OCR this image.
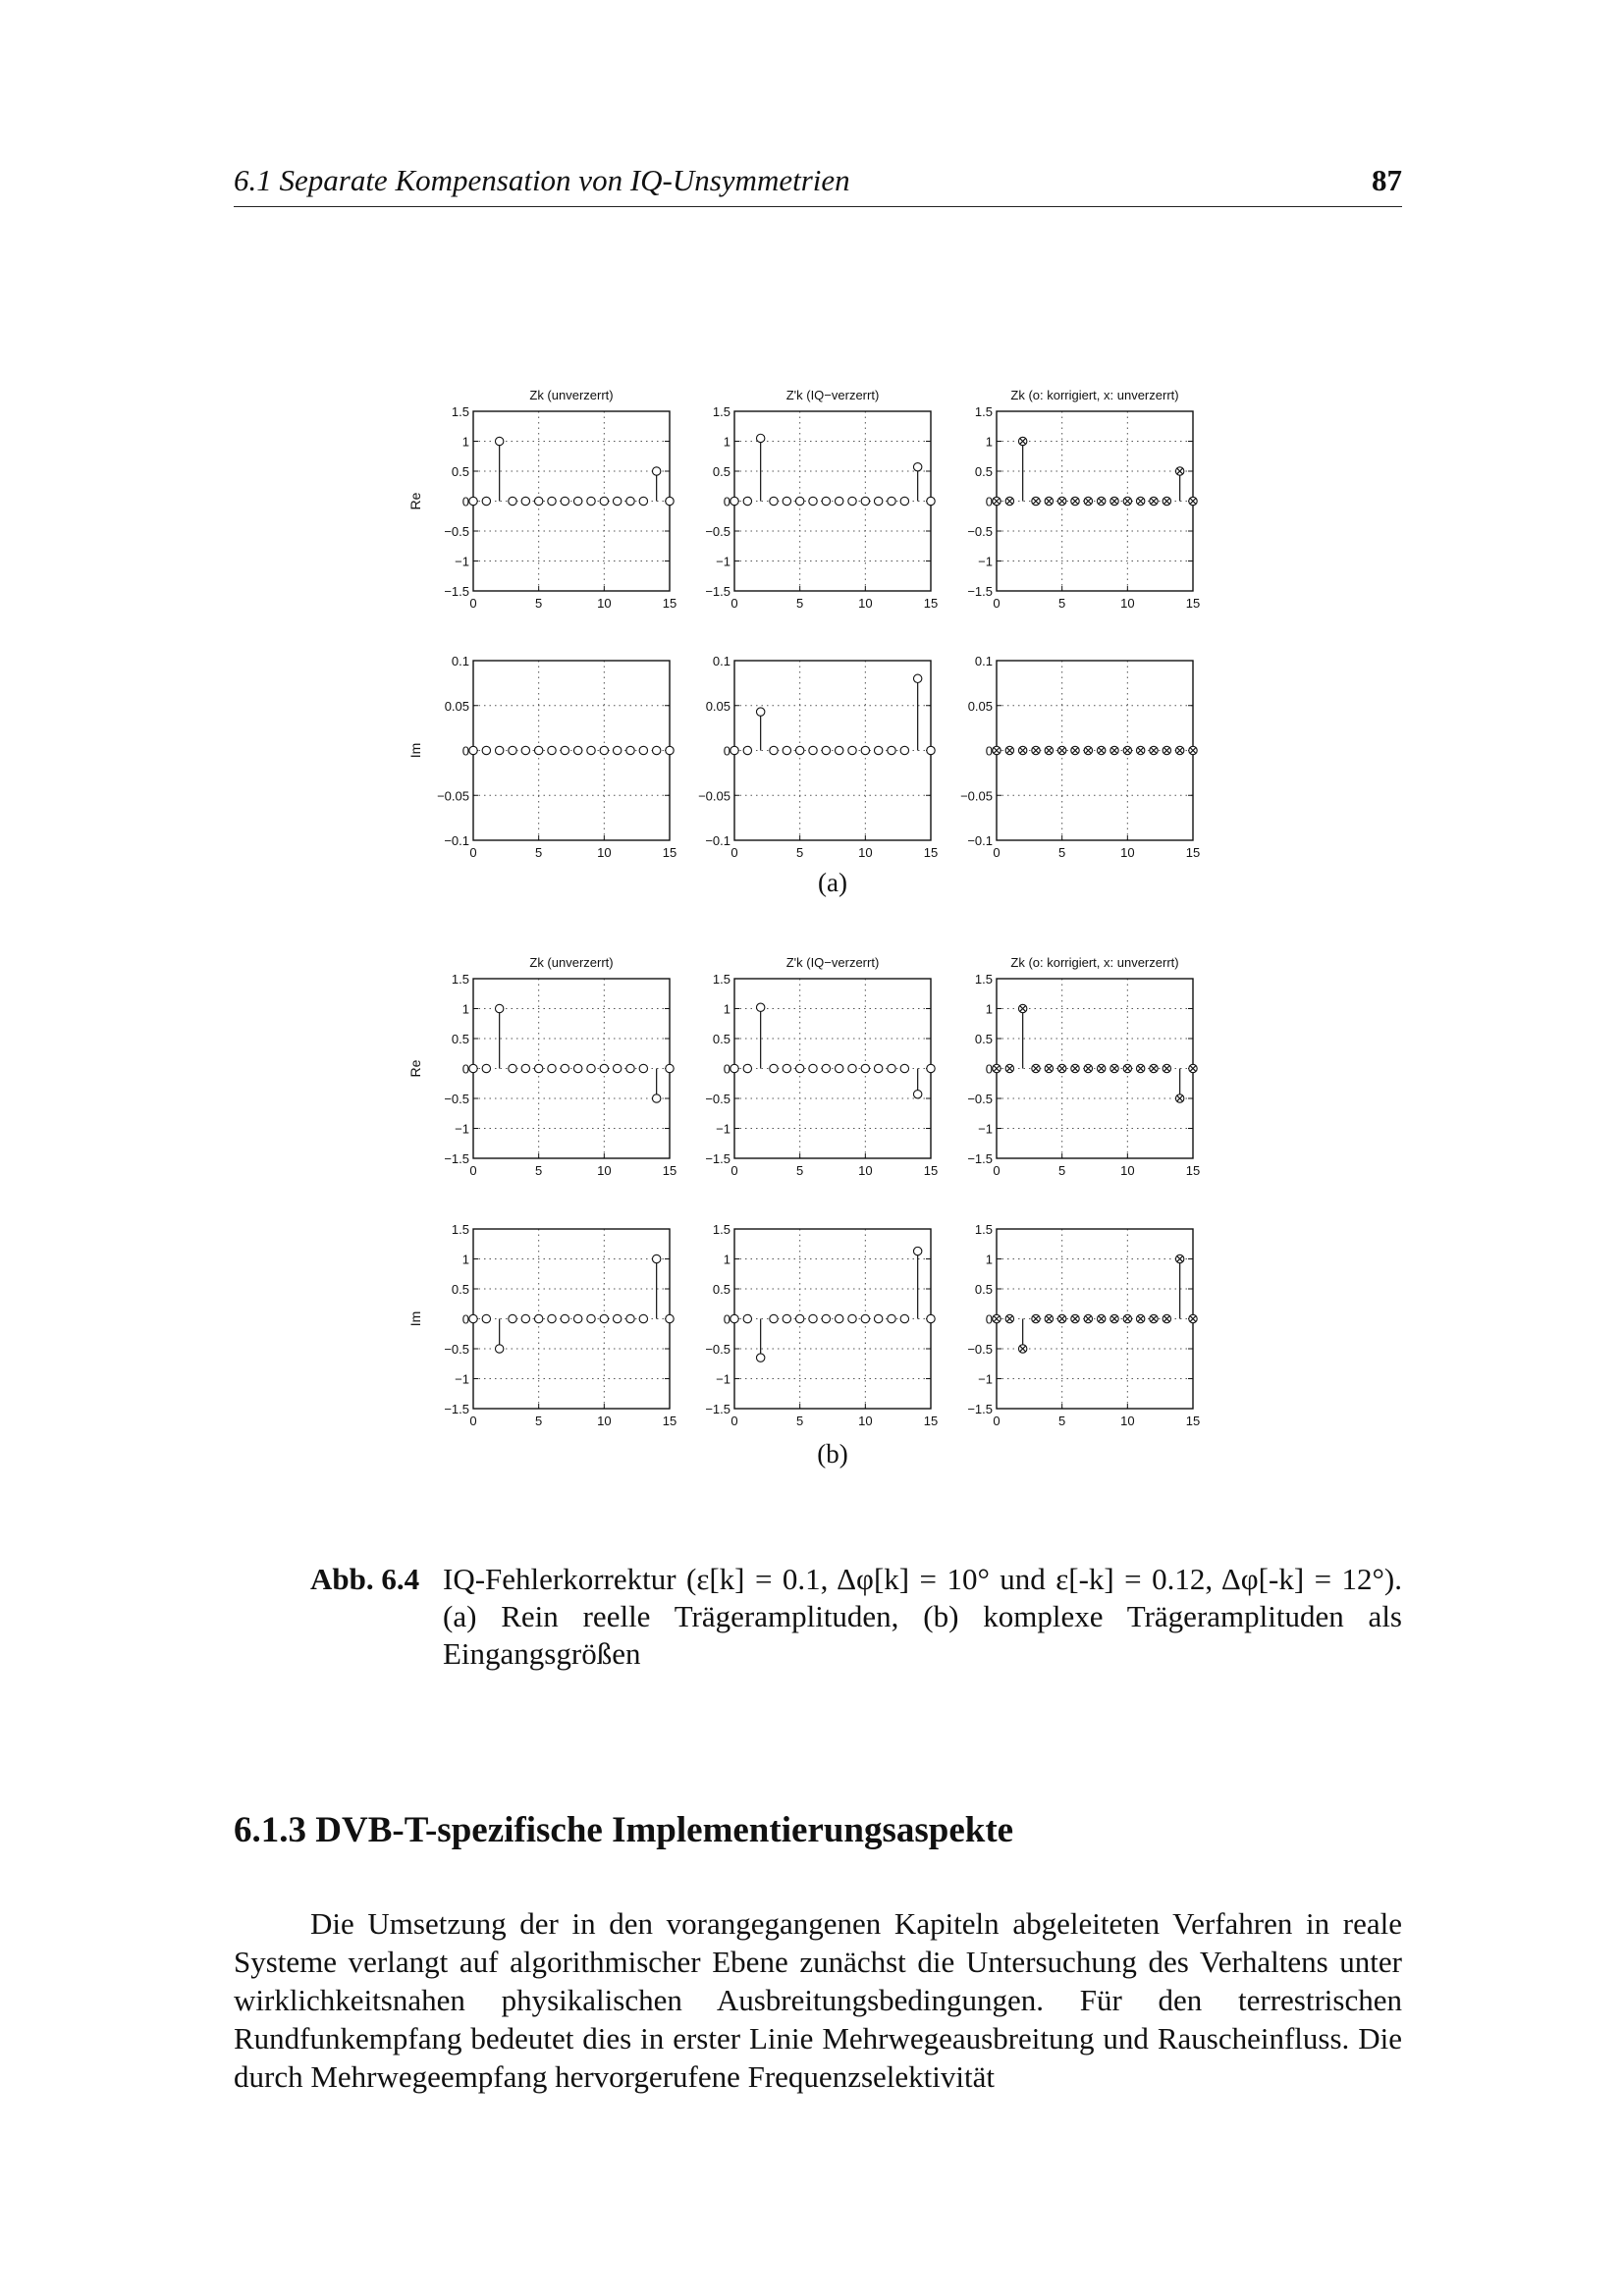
6.1 Separate Kompensation von IQ-Unsymmetrien	87
1.5
1
0.5
0
−0.5
−1
−1.5
0	5	10	15
Zk (unverzerrt)
Re
1.5
1
0.5
0
−0.5
−1
−1.5
0	5	10	15
Z'k (IQ−verzerrt)
1.5
1
0.5
0
−0.5
−1
−1.5
0	5	10	15
Zk (o: korrigiert, x: unverzerrt)
0.1
0.05
0
−0.05
−0.1
0	5	10	15
Im
0.1
0.05
0
−0.05
−0.1
0	5	10	15
0.1
0.05
0
−0.05
−0.1
0	5	10	15
1.5
1
0.5
0
−0.5
−1
−1.5
0	5	10	15
Zk (unverzerrt)
Re
1.5
1
0.5
0
−0.5
−1
−1.5
0	5	10	15
Z'k (IQ−verzerrt)
1.5
1
0.5
0
−0.5
−1
−1.5
0	5	10	15
Zk (o: korrigiert, x: unverzerrt)
1.5
1
0.5
0
−0.5
−1
−1.5
0	5	10	15
Im
1.5
1
0.5
0
−0.5
−1
−1.5
0	5	10	15
1.5
1
0.5
0
−0.5
−1
−1.5
0	5	10	15
(a)
(b)
Abb. 6.4 IQ-Fehlerkorrektur (ε[k] = 0.1, Δφ[k] = 10° und ε[-k] = 0.12, Δφ[-k] = 12°). (a) Rein reelle Trägeramplituden, (b) komplexe Trägeramplituden als Eingangsgrößen
6.1.3 DVB-T-spezifische Implementierungsaspekte
Die Umsetzung der in den vorangegangenen Kapiteln abgeleiteten Verfahren in reale Systeme verlangt auf algorithmischer Ebene zunächst die Untersuchung des Verhaltens unter wirklichkeitsnahen physikalischen Ausbreitungsbedingungen. Für den terrestrischen Rundfunkempfang bedeutet dies in erster Linie Mehrwegeausbreitung und Rauscheinfluss. Die durch Mehrwegeempfang hervorgerufene Frequenzselektivität
